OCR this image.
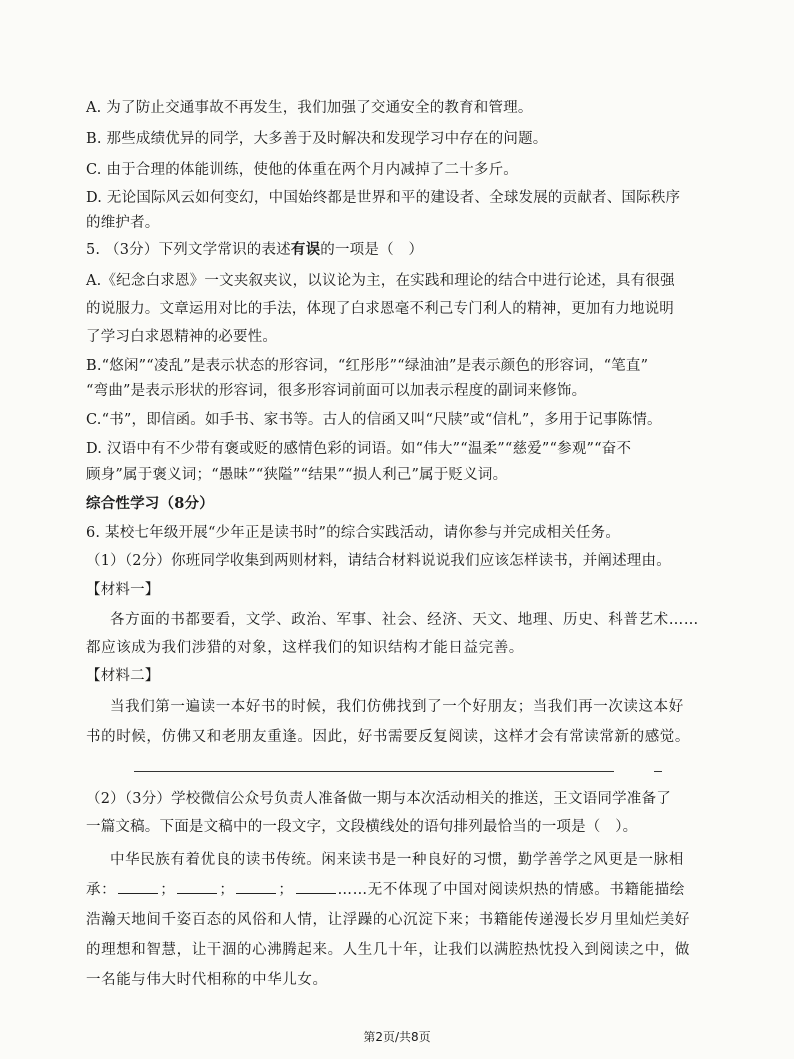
A. 为了防止交通事故不再发生，我们加强了交通安全的教育和管理。
B. 那些成绩优异的同学，大多善于及时解决和发现学习中存在的问题。
C. 由于合理的体能训练，使他的体重在两个月内减掉了二十多斤。
D. 无论国际风云如何变幻，中国始终都是世界和平的建设者、全球发展的贡献者、国际秩序
的维护者。
5. （3分）下列文学常识的表述有误的一项是（　）
A.《纪念白求恩》一文夹叙夹议，以议论为主，在实践和理论的结合中进行论述，具有很强
的说服力。文章运用对比的手法，体现了白求恩毫不利己专门利人的精神，更加有力地说明
了学习白求恩精神的必要性。
B.“悠闲”“凌乱”是表示状态的形容词，“红彤彤”“绿油油”是表示颜色的形容词，“笔直”
“弯曲”是表示形状的形容词，很多形容词前面可以加表示程度的副词来修饰。
C.“书”，即信函。如手书、家书等。古人的信函又叫“尺牍”或“信札”，多用于记事陈情。
D. 汉语中有不少带有褒或贬的感情色彩的词语。如“伟大”“温柔”“慈爱”“参观”“奋不
顾身”属于褒义词；“愚昧”“狭隘”“结果”“损人利己”属于贬义词。
综合性学习（8分）
6. 某校七年级开展“少年正是读书时”的综合实践活动，请你参与并完成相关任务。
（1）（2分）你班同学收集到两则材料，请结合材料说说我们应该怎样读书，并阐述理由。
【材料一】
各方面的书都要看，文学、政治、军事、社会、经济、天文、地理、历史、科普艺术……
都应该成为我们涉猎的对象，这样我们的知识结构才能日益完善。
【材料二】
当我们第一遍读一本好书的时候，我们仿佛找到了一个好朋友；当我们再一次读这本好
书的时候，仿佛又和老朋友重逢。因此，好书需要反复阅读，这样才会有常读常新的感觉。
（2）（3分）学校微信公众号负责人准备做一期与本次活动相关的推送，王文语同学准备了
一篇文稿。下面是文稿中的一段文字，文段横线处的语句排列最恰当的一项是（　）。
中华民族有着优良的读书传统。闲来读书是一种良好的习惯，勤学善学之风更是一脉相
承：	；	；	；	……无不体现了中国对阅读炽热的情感。书籍能描绘
浩瀚天地间千姿百态的风俗和人情，让浮躁的心沉淀下来；书籍能传递漫长岁月里灿烂美好
的理想和智慧，让干涸的心沸腾起来。人生几十年，让我们以满腔热忱投入到阅读之中，做
一名能与伟大时代相称的中华儿女。
第2页/共8页
